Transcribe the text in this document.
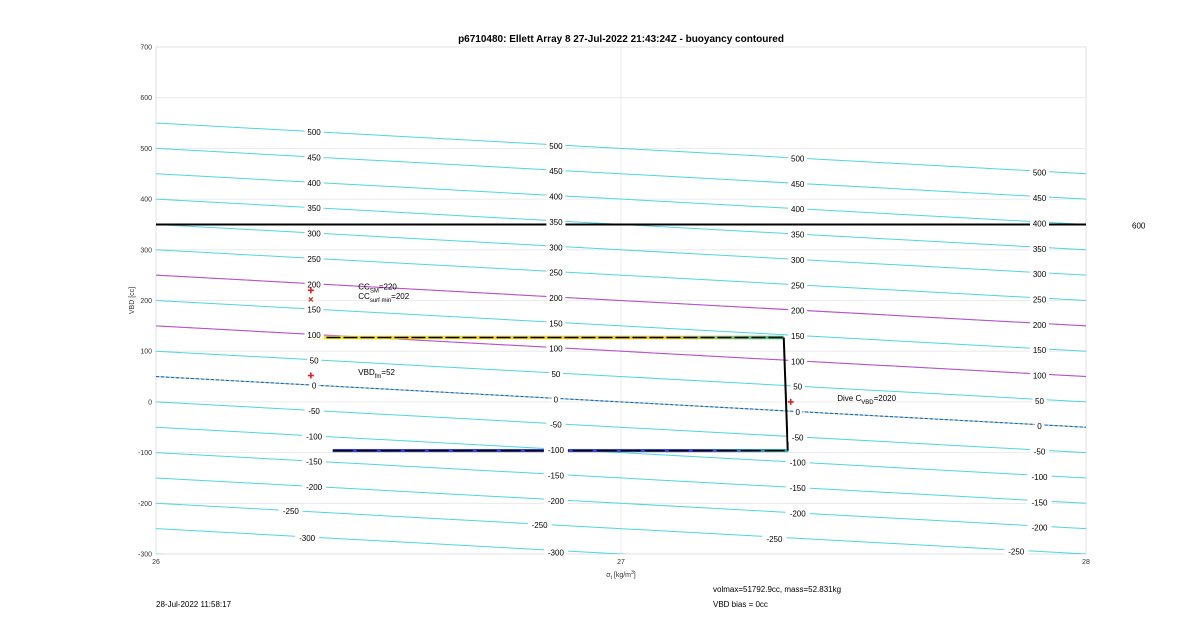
600
500
450
400
350
300
250
200
150
100
50
0
-50
-100
-150
-200
-250
-300
500
450
400
350
300
250
200
150
100
50
0
-50
-100
-150
-200
-250
-300
500
450
400
350
300
250
200
150
100
50
0
-50
-100
-150
-200
-250
500
450
400
350
300
250
200
150
100
50
0
-50
-100
-150
-200
-250
$CC_{SM}=220$
$CC_{surf min}=202$
$VBD_{fm}=52$
Dive $C_{VBD}=2020$
26	27	28
-300
-200
-100
0
100
200
300
400
500
600
700
p6710480: Ellett Array 8 27-Jul-2022 21:43:24Z - buoyancy contoured
VBD [cc]
$\sigma_t$ $[kg/m^3]$
28-Jul-2022 11:58:17
volmax=51792.9cc, mass=52.831kg
VBD bias = 0cc
